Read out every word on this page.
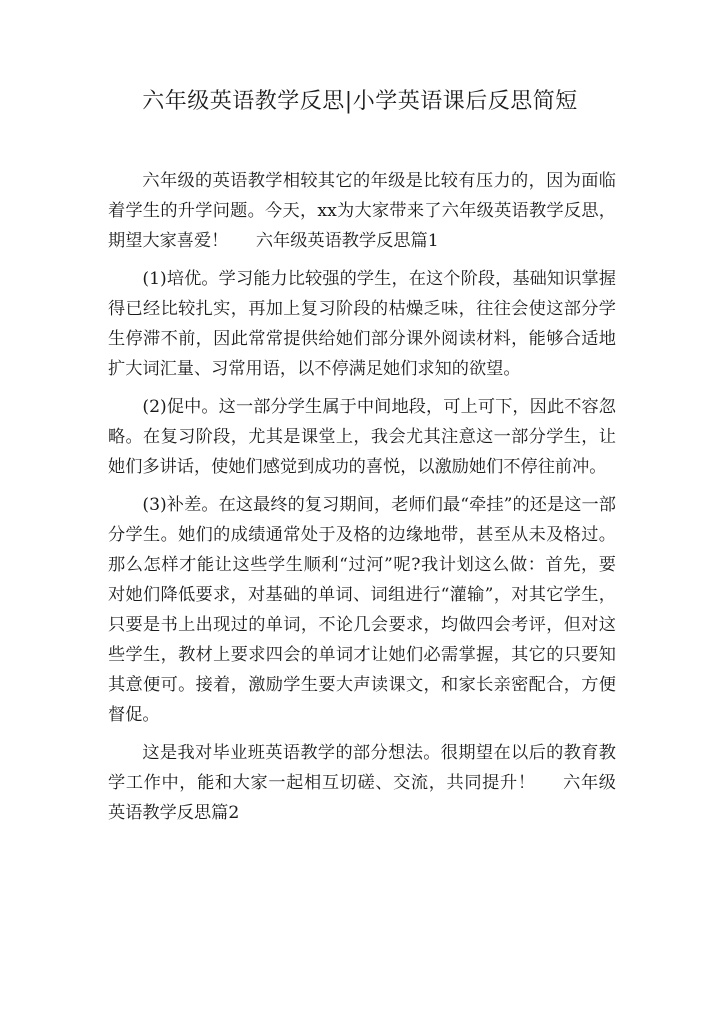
六年级英语教学反思|小学英语课后反思简短

六年级的英语教学相较其它的年级是比较有压力的，因为面临着学生的升学问题。今天，xx为大家带来了六年级英语教学反思，期望大家喜爱！ 六年级英语教学反思篇1

(1)培优。学习能力比较强的学生，在这个阶段，基础知识掌握得已经比较扎实，再加上复习阶段的枯燥乏味，往往会使这部分学生停滞不前，因此常常提供给她们部分课外阅读材料，能够合适地扩大词汇量、习常用语，以不停满足她们求知的欲望。

(2)促中。这一部分学生属于中间地段，可上可下，因此不容忽略。在复习阶段，尤其是课堂上，我会尤其注意这一部分学生，让她们多讲话，使她们感觉到成功的喜悦，以激励她们不停往前冲。

(3)补差。在这最终的复习期间，老师们最“牵挂”的还是这一部分学生。她们的成绩通常处于及格的边缘地带，甚至从未及格过。那么怎样才能让这些学生顺利“过河”呢?我计划这么做：首先，要对她们降低要求，对基础的单词、词组进行“灌输”，对其它学生，只要是书上出现过的单词，不论几会要求，均做四会考评，但对这些学生，教材上要求四会的单词才让她们必需掌握，其它的只要知其意便可。接着，激励学生要大声读课文，和家长亲密配合，方便督促。

这是我对毕业班英语教学的部分想法。很期望在以后的教育教学工作中，能和大家一起相互切磋、交流，共同提升！ 六年级英语教学反思篇2
